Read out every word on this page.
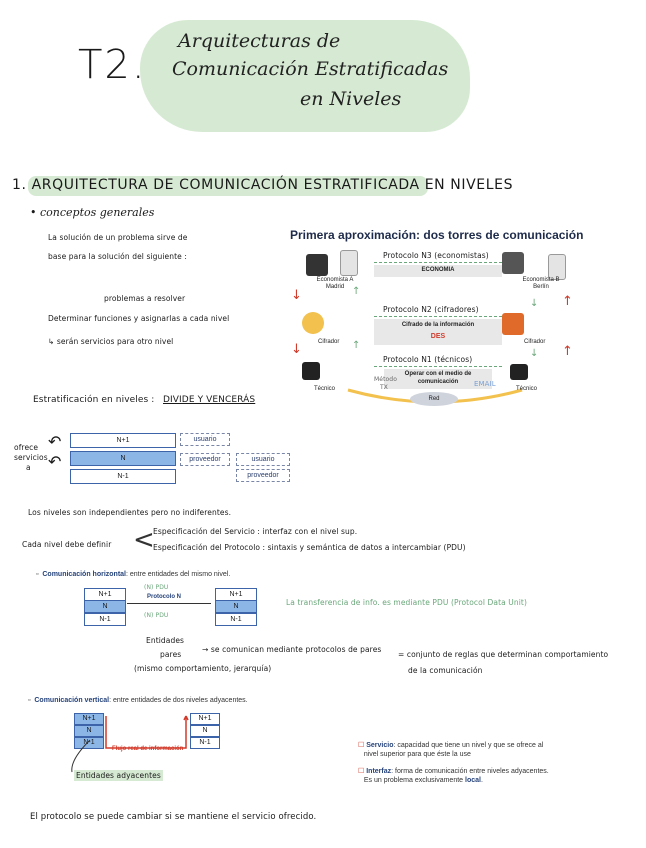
T2.
Arquitecturas de
Comunicación Estratificadas
en Niveles
1. ARQUITECTURA DE COMUNICACIÓN ESTRATIFICADA EN NIVELES
• conceptos generales
La solución de un problema sirve de
base para la solución del siguiente :
problemas a resolver
Determinar funciones y asignarlas a cada nivel
↳ serán servicios para otro nivel
Estratificación en niveles : DIVIDE Y VENCERÁS
Primera aproximación: dos torres de comunicación
Economista A
Madrid
Economista B
Berlín
Protocolo N3 (economistas)
ECONOMIA
↓	↑
↓ ↑
Protocolo N2 (cifradores)
Cifrado de la información
DES
Cifrador	Cifrador
↓	↑
↓ ↑
Protocolo N1 (técnicos)
Operar con el medio de
comunicación
Método
TX	EMAIL
Red
Técnico	Técnico
ofrece
servicios
a
↶
↶
N+1
N
N-1
usuario
proveedor	usuario
proveedor
Los niveles son independientes pero no indiferentes.
Cada nivel debe definir <
Especificación del Servicio : interfaz con el nivel sup.
Especificación del Protocolo : sintaxis y semántica de datos a intercambiar (PDU)
▫  Comunicación horizontal: entre entidades del mismo nivel.
N+1
N
N-1
N+1
N
N-1
(N) PDU
Protocolo N
(N) PDU
La transferencia de info. es mediante PDU (Protocol Data Unit)
Entidades
pares
(mismo comportamiento, jerarquía)
→ se comunican mediante protocolos de pares
= conjunto de reglas que determinan comportamiento
de la comunicación
▫  Comunicación vertical: entre entidades de dos niveles adyacentes.
N+1
N
N-1
N+1
N
N-1
Flujo real de información
Entidades adyacentes
☐ Servicio: capacidad que tiene un nivel y que se ofrece al
nivel superior para que éste la use
☐ Interfaz: forma de comunicación entre niveles adyacentes.
Es un problema exclusivamente local.
El protocolo se puede cambiar si se mantiene el servicio ofrecido.
